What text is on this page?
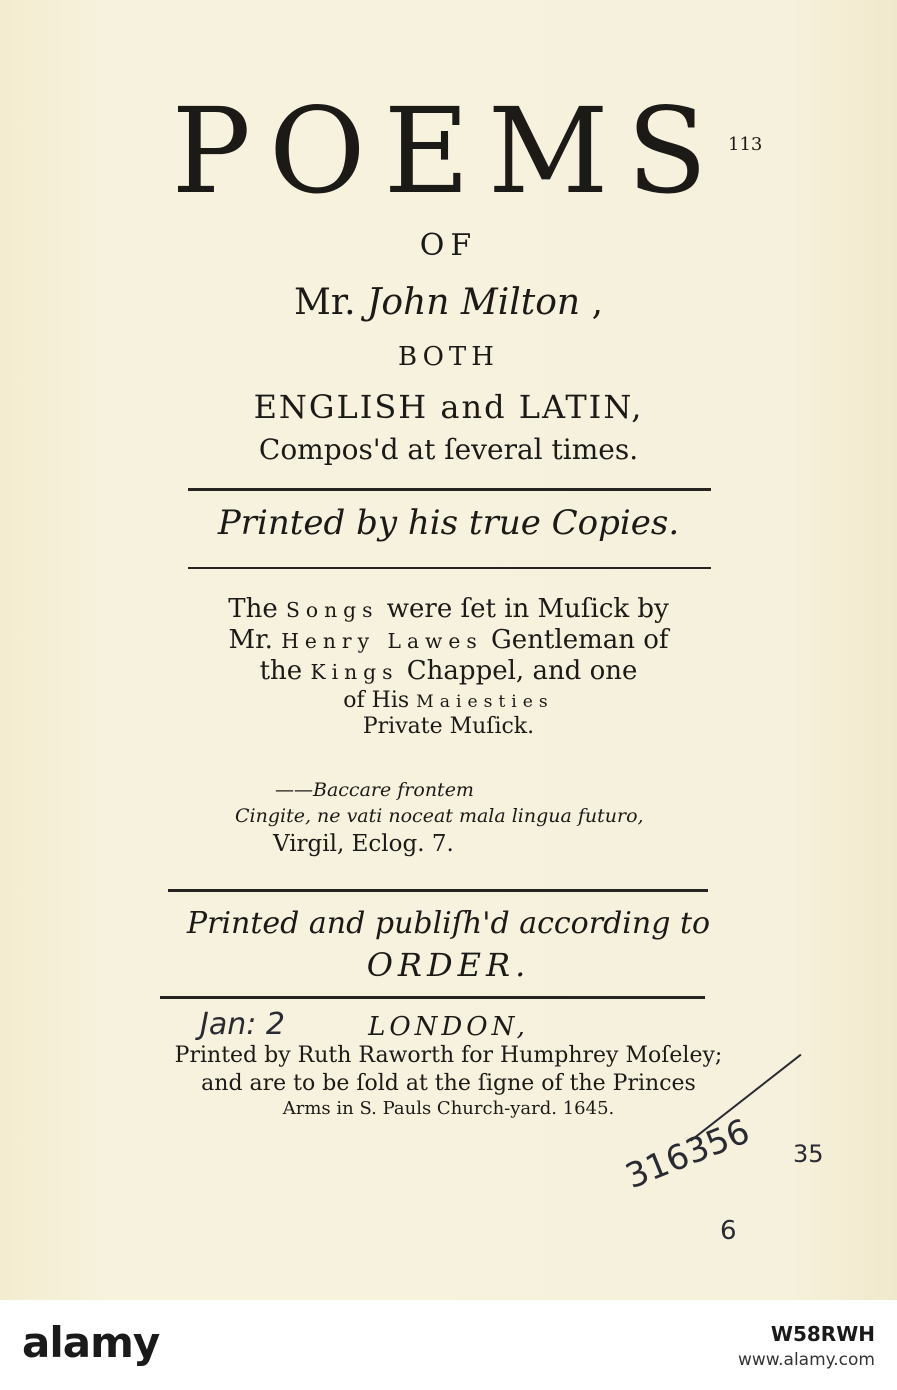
POEMS 113
OF
Mr. John Milton ,
BOTH
ENGLISH and LATIN,
Compos'd at ſeveral times.
Printed by his true Copies.
The Songs were ſet in Muſick by
Mr. Henry Lawes Gentleman of
the Kings Chappel, and one
of His Maiesties
Private Muſick.
——Baccare frontem
Cingite, ne vati noceat mala lingua futuro,
Virgil, Eclog. 7.
Printed and publiſh'd according to
ORDER.
LONDON,
Printed by Ruth Raworth for Humphrey Moſeley;
and are to be ſold at the ſigne of the Princes
Arms in S. Pauls Church-yard. 1645.
Jan: 2
316356 35
6
alamy	W58RWH
www.alamy.com
